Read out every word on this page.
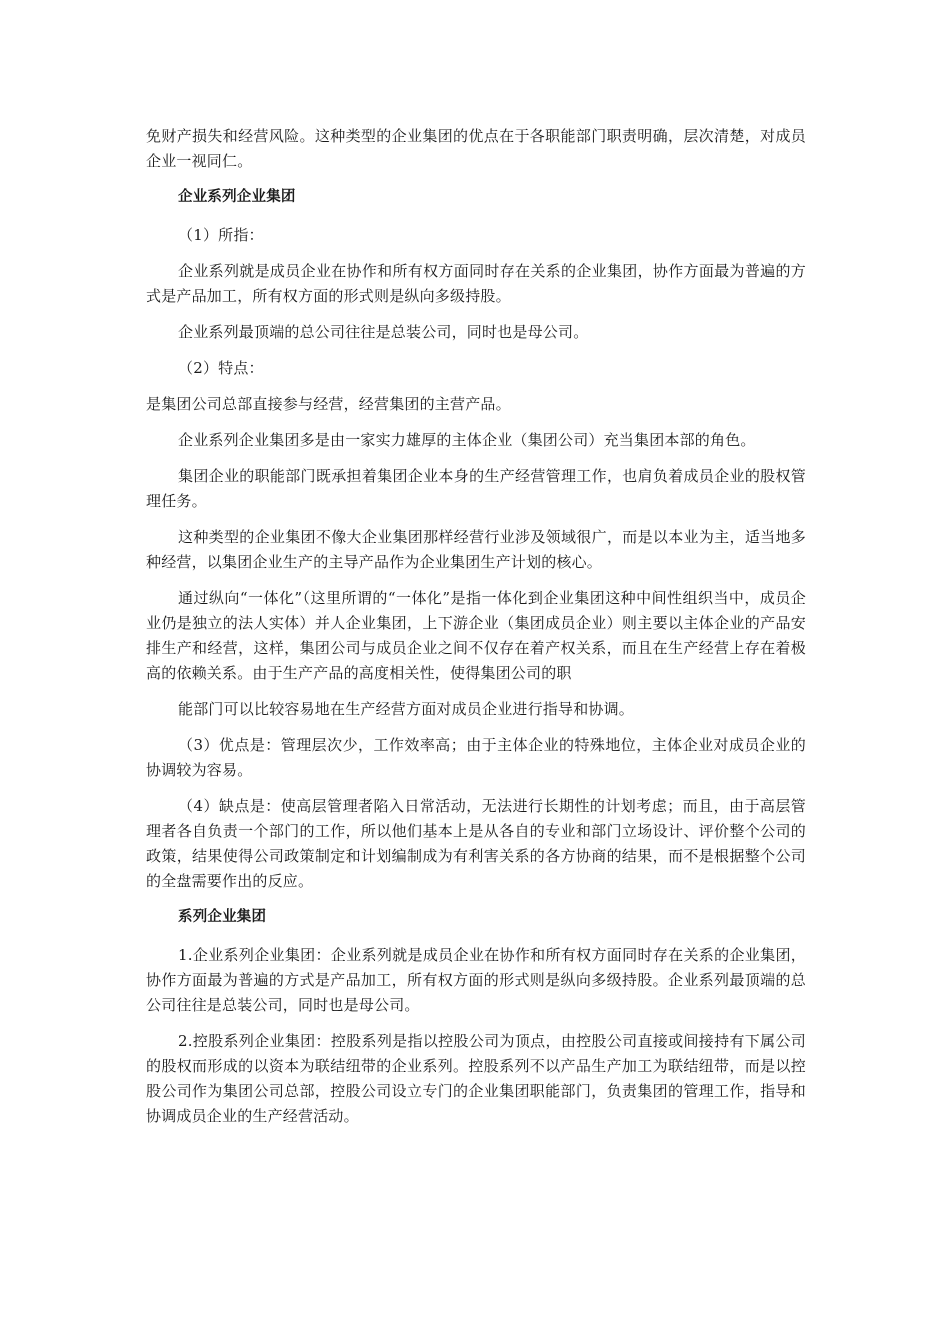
免财产损失和经营风险。这种类型的企业集团的优点在于各职能部门职责明确，层次清楚，对成员企业一视同仁。

企业系列企业集团

（1）所指：

企业系列就是成员企业在协作和所有权方面同时存在关系的企业集团，协作方面最为普遍的方式是产品加工，所有权方面的形式则是纵向多级持股。

企业系列最顶端的总公司往往是总装公司，同时也是母公司。

（2）特点：

是集团公司总部直接参与经营，经营集团的主营产品。

企业系列企业集团多是由一家实力雄厚的主体企业（集团公司）充当集团本部的角色。

集团企业的职能部门既承担着集团企业本身的生产经营管理工作，也肩负着成员企业的股权管理任务。

这种类型的企业集团不像大企业集团那样经营行业涉及领域很广，而是以本业为主，适当地多种经营，以集团企业生产的主导产品作为企业集团生产计划的核心。

通过纵向“一体化”（这里所谓的“一体化”是指一体化到企业集团这种中间性组织当中，成员企业仍是独立的法人实体）并人企业集团，上下游企业（集团成员企业）则主要以主体企业的产品安排生产和经营，这样，集团公司与成员企业之间不仅存在着产权关系，而且在生产经营上存在着极高的依赖关系。由于生产产品的高度相关性，使得集团公司的职

能部门可以比较容易地在生产经营方面对成员企业进行指导和协调。

（3）优点是：管理层次少，工作效率高；由于主体企业的特殊地位，主体企业对成员企业的协调较为容易。

（4）缺点是：使高层管理者陷入日常活动，无法进行长期性的计划考虑；而且，由于高层管理者各自负责一个部门的工作，所以他们基本上是从各自的专业和部门立场设计、评价整个公司的政策，结果使得公司政策制定和计划编制成为有利害关系的各方协商的结果，而不是根据整个公司的全盘需要作出的反应。

系列企业集团

1.企业系列企业集团：企业系列就是成员企业在协作和所有权方面同时存在关系的企业集团，协作方面最为普遍的方式是产品加工，所有权方面的形式则是纵向多级持股。企业系列最顶端的总公司往往是总装公司，同时也是母公司。

2.控股系列企业集团：控股系列是指以控股公司为顶点，由控股公司直接或间接持有下属公司的股权而形成的以资本为联结纽带的企业系列。控股系列不以产品生产加工为联结纽带，而是以控股公司作为集团公司总部，控股公司设立专门的企业集团职能部门，负责集团的管理工作，指导和协调成员企业的生产经营活动。
